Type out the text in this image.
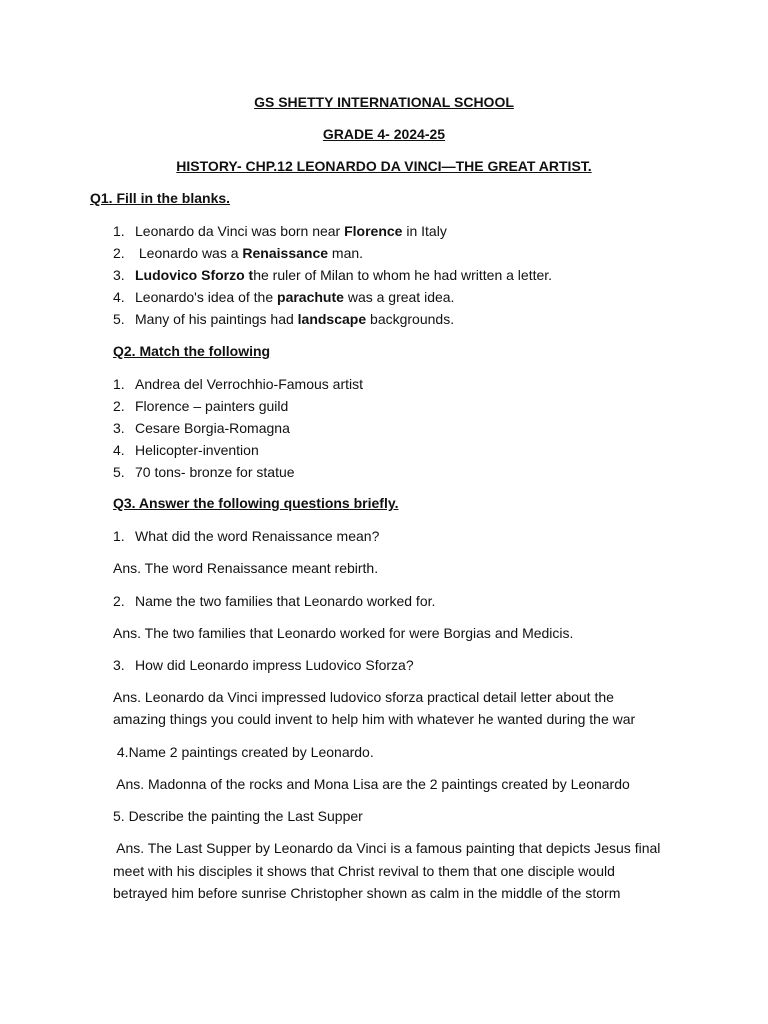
GS SHETTY INTERNATIONAL SCHOOL
GRADE 4- 2024-25
HISTORY- CHP.12 LEONARDO DA VINCI—THE GREAT ARTIST.
Q1. Fill in the blanks.
1. Leonardo da Vinci was born near Florence in Italy
2. Leonardo was a Renaissance man.
3. Ludovico Sforzo the ruler of Milan to whom he had written a letter.
4. Leonardo's idea of the parachute was a great idea.
5. Many of his paintings had landscape backgrounds.
Q2. Match the following
1. Andrea del Verrochhio-Famous artist
2. Florence – painters guild
3. Cesare Borgia-Romagna
4. Helicopter-invention
5. 70 tons- bronze for statue
Q3. Answer the following questions briefly.
1. What did the word Renaissance mean?
Ans. The word Renaissance meant rebirth.
2. Name the two families that Leonardo worked for.
Ans. The two families that Leonardo worked for were Borgias and Medicis.
3. How did Leonardo impress Ludovico Sforza?
Ans. Leonardo da Vinci impressed ludovico sforza practical detail letter about the
amazing things you could invent to help him with whatever he wanted during the war
4.Name 2 paintings created by Leonardo.
Ans. Madonna of the rocks and Mona Lisa are the 2 paintings created by Leonardo
5. Describe the painting the Last Supper
Ans. The Last Supper by Leonardo da Vinci is a famous painting that depicts Jesus final
meet with his disciples it shows that Christ revival to them that one disciple would
betrayed him before sunrise Christopher shown as calm in the middle of the storm
